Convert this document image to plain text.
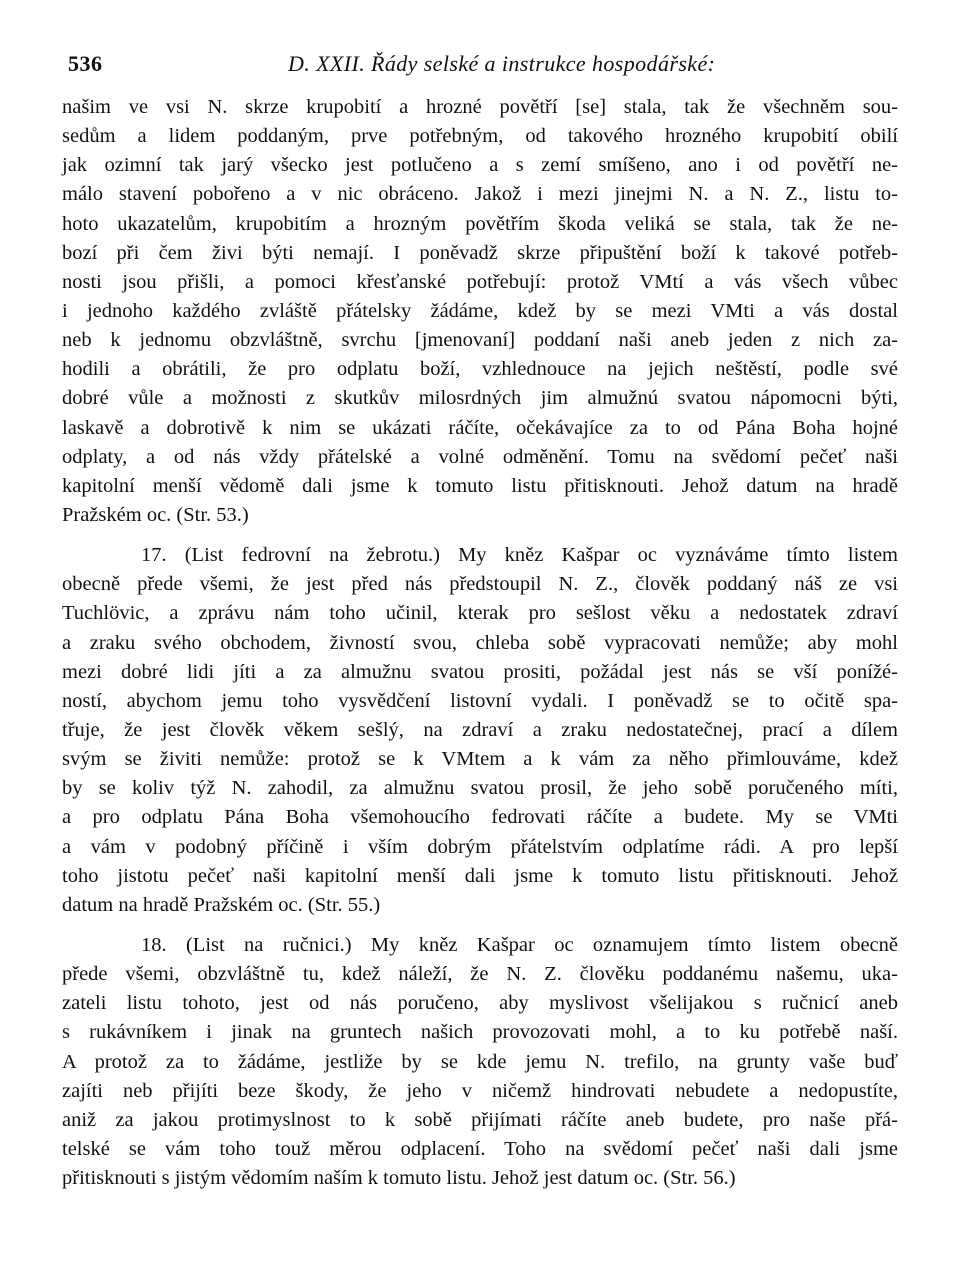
536	D. XXII. Řády selské a instrukce hospodářské:
našim ve vsi N. skrze krupobití a hrozné povětří [se] stala, tak že všechněm sou-
sedům a lidem poddaným, prve potřebným, od takového hrozného krupobití obilí
jak ozimní tak jarý všecko jest potlučeno a s zemí smíšeno, ano i od povětří ne-
málo stavení pobořeno a v nic obráceno. Jakož i mezi jinejmi N. a N. Z., listu to-
hoto ukazatelům, krupobitím a hrozným povětřím škoda veliká se stala, tak že ne-
bozí při čem živi býti nemají. I poněvadž skrze připuštění boží k takové potřeb-
nosti jsou přišli, a pomoci křesťanské potřebují: protož VMtí a vás všech vůbec
i jednoho každého zvláště přátelsky žádáme, kdež by se mezi VMti a vás dostal
neb k jednomu obzvláštně, svrchu [jmenovaní] poddaní naši aneb jeden z nich za-
hodili a obrátili, že pro odplatu boží, vzhlednouce na jejich neštěstí, podle své
dobré vůle a možnosti z skutkův milosrdných jim almužnú svatou nápomocni býti,
laskavě a dobrotivě k nim se ukázati ráčíte, očekávajíce za to od Pána Boha hojné
odplaty, a od nás vždy přátelské a volné odměnění. Tomu na svědomí pečeť naši
kapitolní menší vědomě dali jsme k tomuto listu přitisknouti. Jehož datum na hradě
Pražském oc. (Str. 53.)
17. (List fedrovní na žebrotu.) My kněz Kašpar oc vyznáváme tímto listem
obecně přede všemi, že jest před nás předstoupil N. Z., člověk poddaný náš ze vsi
Tuchlövic, a zprávu nám toho učinil, kterak pro sešlost věku a nedostatek zdraví
a zraku svého obchodem, živností svou, chleba sobě vypracovati nemůže; aby mohl
mezi dobré lidi jíti a za almužnu svatou prositi, požádal jest nás se vší ponížé-
ností, abychom jemu toho vysvědčení listovní vydali. I poněvadž se to očitě spa-
třuje, že jest člověk věkem sešlý, na zdraví a zraku nedostatečnej, prací a dílem
svým se živiti nemůže: protož se k VMtem a k vám za něho přimlouváme, kdež
by se koliv týž N. zahodil, za almužnu svatou prosil, že jeho sobě poručeného míti,
a pro odplatu Pána Boha všemohoucího fedrovati ráčíte a budete. My se VMti
a vám v podobný příčině i vším dobrým přátelstvím odplatíme rádi. A pro lepší
toho jistotu pečeť naši kapitolní menší dali jsme k tomuto listu přitisknouti. Jehož
datum na hradě Pražském oc. (Str. 55.)
18. (List na ručnici.) My kněz Kašpar oc oznamujem tímto listem obecně
přede všemi, obzvláštně tu, kdež náleží, že N. Z. člověku poddanému našemu, uka-
zateli listu tohoto, jest od nás poručeno, aby myslivost všelijakou s ručnicí aneb
s rukávníkem i jinak na gruntech našich provozovati mohl, a to ku potřebě naší.
A protož za to žádáme, jestliže by se kde jemu N. trefilo, na grunty vaše buď
zajíti neb přijíti beze škody, že jeho v ničemž hindrovati nebudete a nedopustíte,
aniž za jakou protimyslnost to k sobě přijímati ráčíte aneb budete, pro naše přá-
telské se vám toho touž měrou odplacení. Toho na svědomí pečeť naši dali jsme
přitisknouti s jistým vědomím naším k tomuto listu. Jehož jest datum oc. (Str. 56.)
